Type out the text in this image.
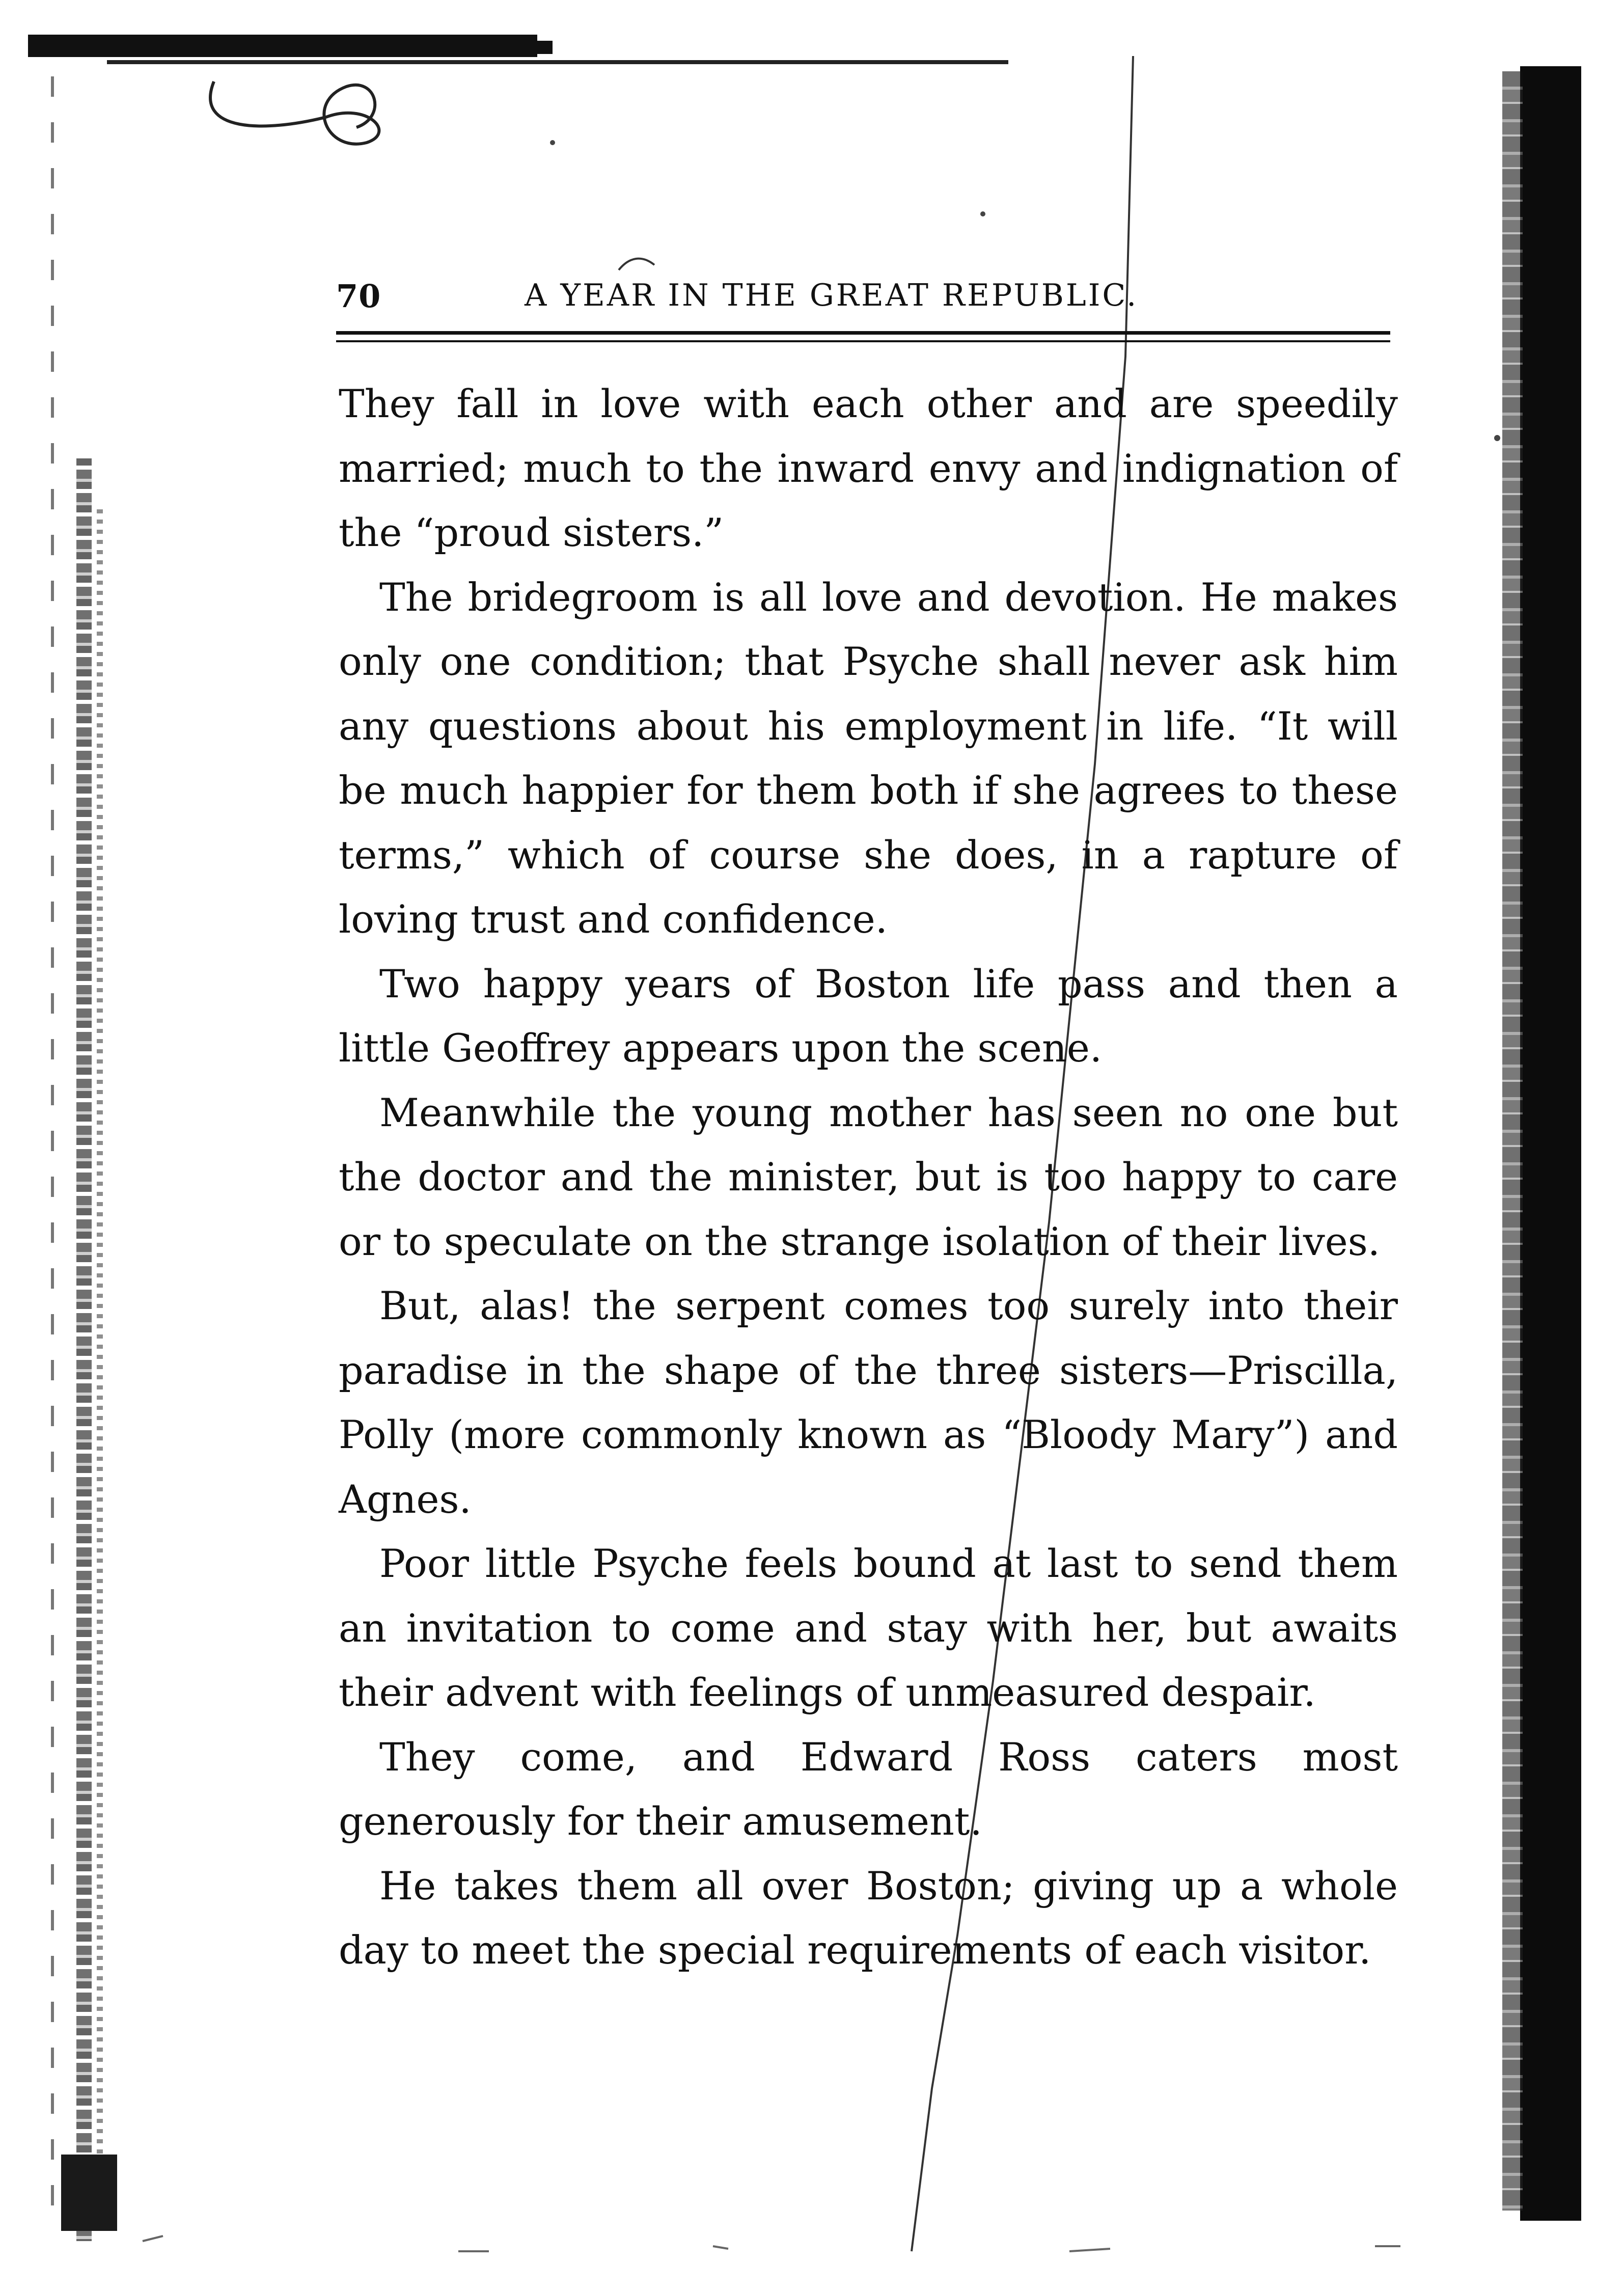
70	A YEAR IN THE GREAT REPUBLIC.

They fall in love with each other and are speedily married; much to the inward envy and indignation of the “proud sisters.”

The bridegroom is all love and devotion. He makes only one condition; that Psyche shall never ask him any questions about his employment in life. “It will be much happier for them both if she agrees to these terms,” which of course she does, in a rapture of loving trust and confidence.

Two happy years of Boston life pass and then a little Geoffrey appears upon the scene.

Meanwhile the young mother has seen no one but the doctor and the minister, but is too happy to care or to speculate on the strange isolation of their lives.

But, alas! the serpent comes too surely into their paradise in the shape of the three sisters—Priscilla, Polly (more commonly known as “Bloody Mary”) and Agnes.

Poor little Psyche feels bound at last to send them an invitation to come and stay with her, but awaits their advent with feelings of unmeasured despair.

They come, and Edward Ross caters most generously for their amusement.

He takes them all over Boston; giving up a whole day to meet the special requirements of each visitor.
